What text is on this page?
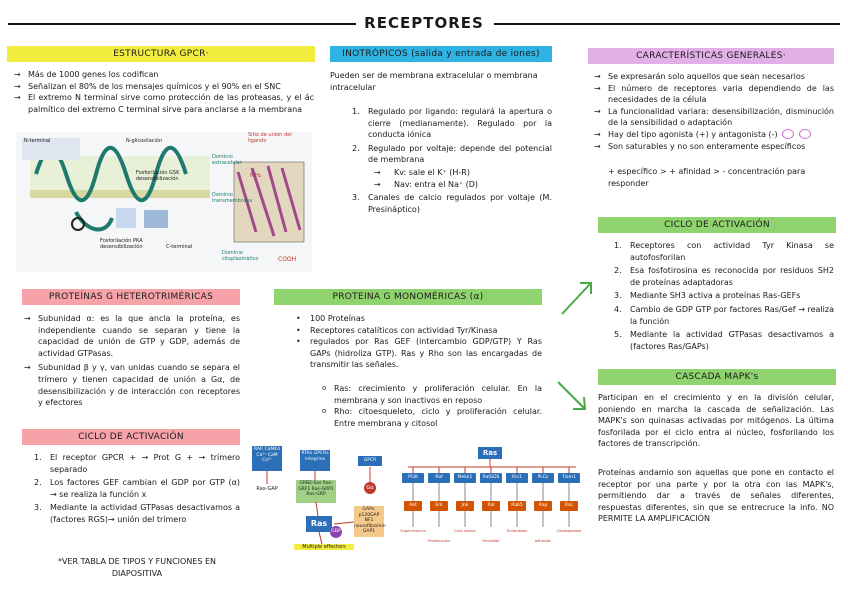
RECEPTORES
ESTRUCTURA GPCR·
→ Más de 1000 genes los codifican
→ Señalizan el 80% de los mensajes químicos y el 90% en el SNC
→ El extremo N terminal sirve como protección de las proteasas, y el ác palmítico del extremo C terminal sirve para anclarse a la membrana
N-glicosilación
Sitio de unión del ligando
Dominio extracelular
Dominio transmembrana
Dominio citoplasmático
N-terminal
C-terminal
Fosforilación GSK desensibilización
Fosforilación PKA desensibilización
NH₂
COOH
INOTRÓPICOS (salida y entrada de iones)
Pueden ser de membrana extracelular o membrana intracelular
1. Regulado por ligando: regulará la apertura o cierre (medianamente). Regulado por la conducta iónica
2. Regulado por voltaje: depende del potencial de membrana
→ Kv: sale el K⁺ (H-R)
→ Nav: entra el Na⁺ (D)
3. Canales de calcio regulados por voltaje (M. Presináptico)
CARACTERÍSTICAS GENERALES·
→ Se expresarán solo aquellos que sean necesarios
→ El número de receptores varia dependiendo de las necesidades de la célula
→ La funcionalidad variara: desensibilización, disminución de la sensibilidad o adaptación
→ Hay del tipo agonista (+) y antagonista (-)
→ Son saturables y no son enteramente específicos
+ específico > + afinidad > - concentración para responder
CICLO DE ACTIVACIÓN
1. Receptores con actividad Tyr Kinasa se autofosforilan
2. Esa fosfotirosina es reconocida por residuos SH2 de proteínas adaptadoras
3. Mediante SH3 activa a proteínas Ras-GEFs
4. Cambio de GDP GTP por factores Ras/Gef → realiza la función
5. Mediante la actividad GTPasas desactivamos a (factores Ras/GAPs)
CASCADA MAPK's
Participan en el crecimiento y en la división celular, poniendo en marcha la cascada de señalización. Las MAPK's son quinasas activadas por mitógenos. La última fosforilada por el ciclo entra al núcleo, fosforilando los factores de transcripción.
Proteínas andamio son aquellas que pone en contacto el receptor por una parte y por la otra con las MAPK's, permitiendo dar a través de señales diferentes, respuestas diferentes, sin que se entrecruce la info. NO PERMITE LA AMPLIFICACIÓN
PROTEÍNAS G HETEROTRIMÉRICAS
→ Subunidad α: es la que ancla la proteína, es independiente cuando se separan y tiene la capacidad de unión de GTP y GDP, además de actividad GTPasas.
→ Subunidad β y γ, van unidas cuando se separa el trímero y tienen capacidad de unión a Gα, de desensibilización y de interacción con receptores y efectores
PROTEINA G MONOMÉRICAS (α)
• 100 Proteínas
• Receptores catalíticos con actividad Tyr/Kinasa
• regulados por Ras GEF (intercambio GDP/GTP) Y Ras GAPs (hidroliza GTP). Ras y Rho son las encargadas de transmitir las señales.
o Ras: crecimiento y proliferación celular. En la membrana y son inactivos en reposo
o Rho: citoesqueleto, ciclo y proliferación celular. Entre membrana y citosol
CICLO DE ACTIVACIÓN
1. El receptor GPCR + → Prot G + → trímero separado
2. Los factores GEF cambian el GDP por GTP (α) → se realiza la función x
3. Mediante la actividad GTPasas desactivamos a (factores RGS)→ unión del trímero
*VER TABLA DE TIPOS Y FUNCIONES EN DIAPOSITIVA
RAR CaMK4 Ca²⁺ CaM Ca²⁺
RTKs GPCRs Integrins	GPCR
Ras-GAP
GRB2-Sos Ras-GRF1 Ras-GRP1 Ras-GRP
Gα
Ras
GDP
GAPs: p120GAP NF1 neurofibromin GAP1
Multiple effectors
Ras
PI3K
Akt
Supervivencia
Raf
Erk
Proliferación
Mekk1
Jnk
Ciclo celular
RalGDS
Ral
Movilidad
Rin1
Rab5
Endocitosis
PLCε
Rap
Adhesión
Tiam1
Rac
Citoesqueleto
